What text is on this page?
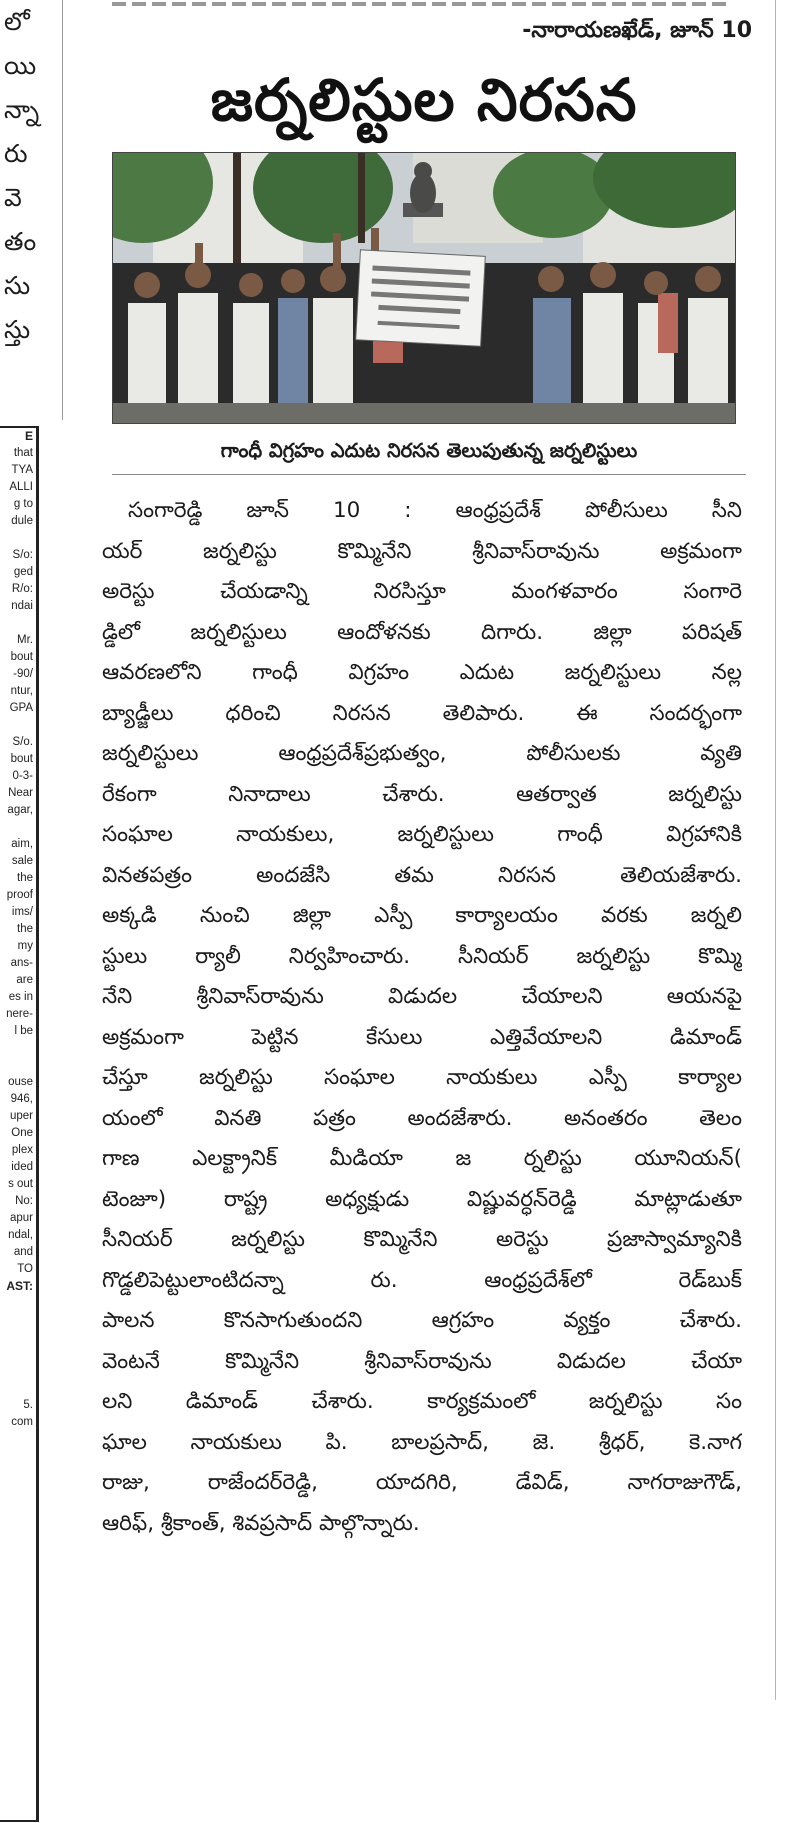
లో
యి
న్నా
రు
వె
తం
సు
స్తు
E
that
TYA
ALLI
g to
dule
S/o:
ged
R/o:
ndai
Mr.
bout
-90/
ntur,
GPA
S/o.
bout
0-3-
Near
agar,
aim,
sale
the
proof
ims/
the
my
ans-
are
es in
nere-
l be
ouse
946,
uper
One
plex
ided
s out
No:
apur
ndal,
and
TO
AST:
5.
com
-నారాయణఖేడ్, జూన్ 10
జర్నలిస్టుల నిరసన
గాంధీ విగ్రహం ఎదుట నిరసన తెలుపుతున్న జర్నలిస్టులు
సంగారెడ్డి జూన్ 10 : ఆంధ్రప్రదేశ్ పోలీసులు సీని
యర్ జర్నలిస్టు కొమ్మినేని శ్రీనివాస్‌రావును అక్రమంగా
అరెస్టు చేయడాన్ని నిరసిస్తూ మంగళవారం సంగారె
డ్డిలో జర్నలిస్టులు ఆందోళనకు దిగారు. జిల్లా పరిషత్
ఆవరణలోని గాంధీ విగ్రహం ఎదుట జర్నలిస్టులు నల్ల
బ్యాడ్జీలు ధరించి నిరసన తెలిపారు. ఈ సందర్భంగా
జర్నలిస్టులు ఆంధ్రప్రదేశ్‌ప్రభుత్వం, పోలీసులకు వ్యతి
రేకంగా నినాదాలు చేశారు. ఆతర్వాత జర్నలిస్టు
సంఘాల నాయకులు, జర్నలిస్టులు గాంధీ విగ్రహానికి
వినతపత్రం అందజేసి తమ నిరసన తెలియజేశారు.
అక్కడి నుంచి జిల్లా ఎస్పీ కార్యాలయం వరకు జర్నలి
స్టులు ర్యాలీ నిర్వహించారు. సీనియర్ జర్నలిస్టు కొమ్మి
నేని శ్రీనివాస్‌రావును విడుదల చేయాలని ఆయనపై
అక్రమంగా పెట్టిన కేసులు ఎత్తివేయాలని డిమాండ్
చేస్తూ జర్నలిస్టు సంఘాల నాయకులు ఎస్పీ కార్యాల
యంలో వినతి పత్రం అందజేశారు. అనంతరం తెలం
గాణ ఎలక్ట్రానిక్ మీడియా జ ర్నలిస్టు యూనియన్(
టెంజూ) రాష్ట్ర అధ్యక్షుడు విష్ణువర్ధన్‌రెడ్డి మాట్లాడుతూ
సీనియర్ జర్నలిస్టు కొమ్మినేని అరెస్టు ప్రజాస్వామ్యానికి
గొడ్డలిపెట్టులాంటిదన్నా రు. ఆంధ్రప్రదేశ్‌లో రెడ్‌బుక్
పాలన కొనసాగుతుందని ఆగ్రహం వ్యక్తం చేశారు.
వెంటనే కొమ్మినేని శ్రీనివాస్‌రావును విడుదల చేయా
లని డిమాండ్ చేశారు. కార్యక్రమంలో జర్నలిస్టు సం
ఘాల నాయకులు పి. బాలప్రసాద్, జె. శ్రీధర్, కె.నాగ
రాజు, రాజేందర్‌రెడ్డి, యాదగిరి, డేవిడ్, నాగరాజుగౌడ్,
ఆరిఫ్, శ్రీకాంత్, శివప్రసాద్ పాల్గొన్నారు.
